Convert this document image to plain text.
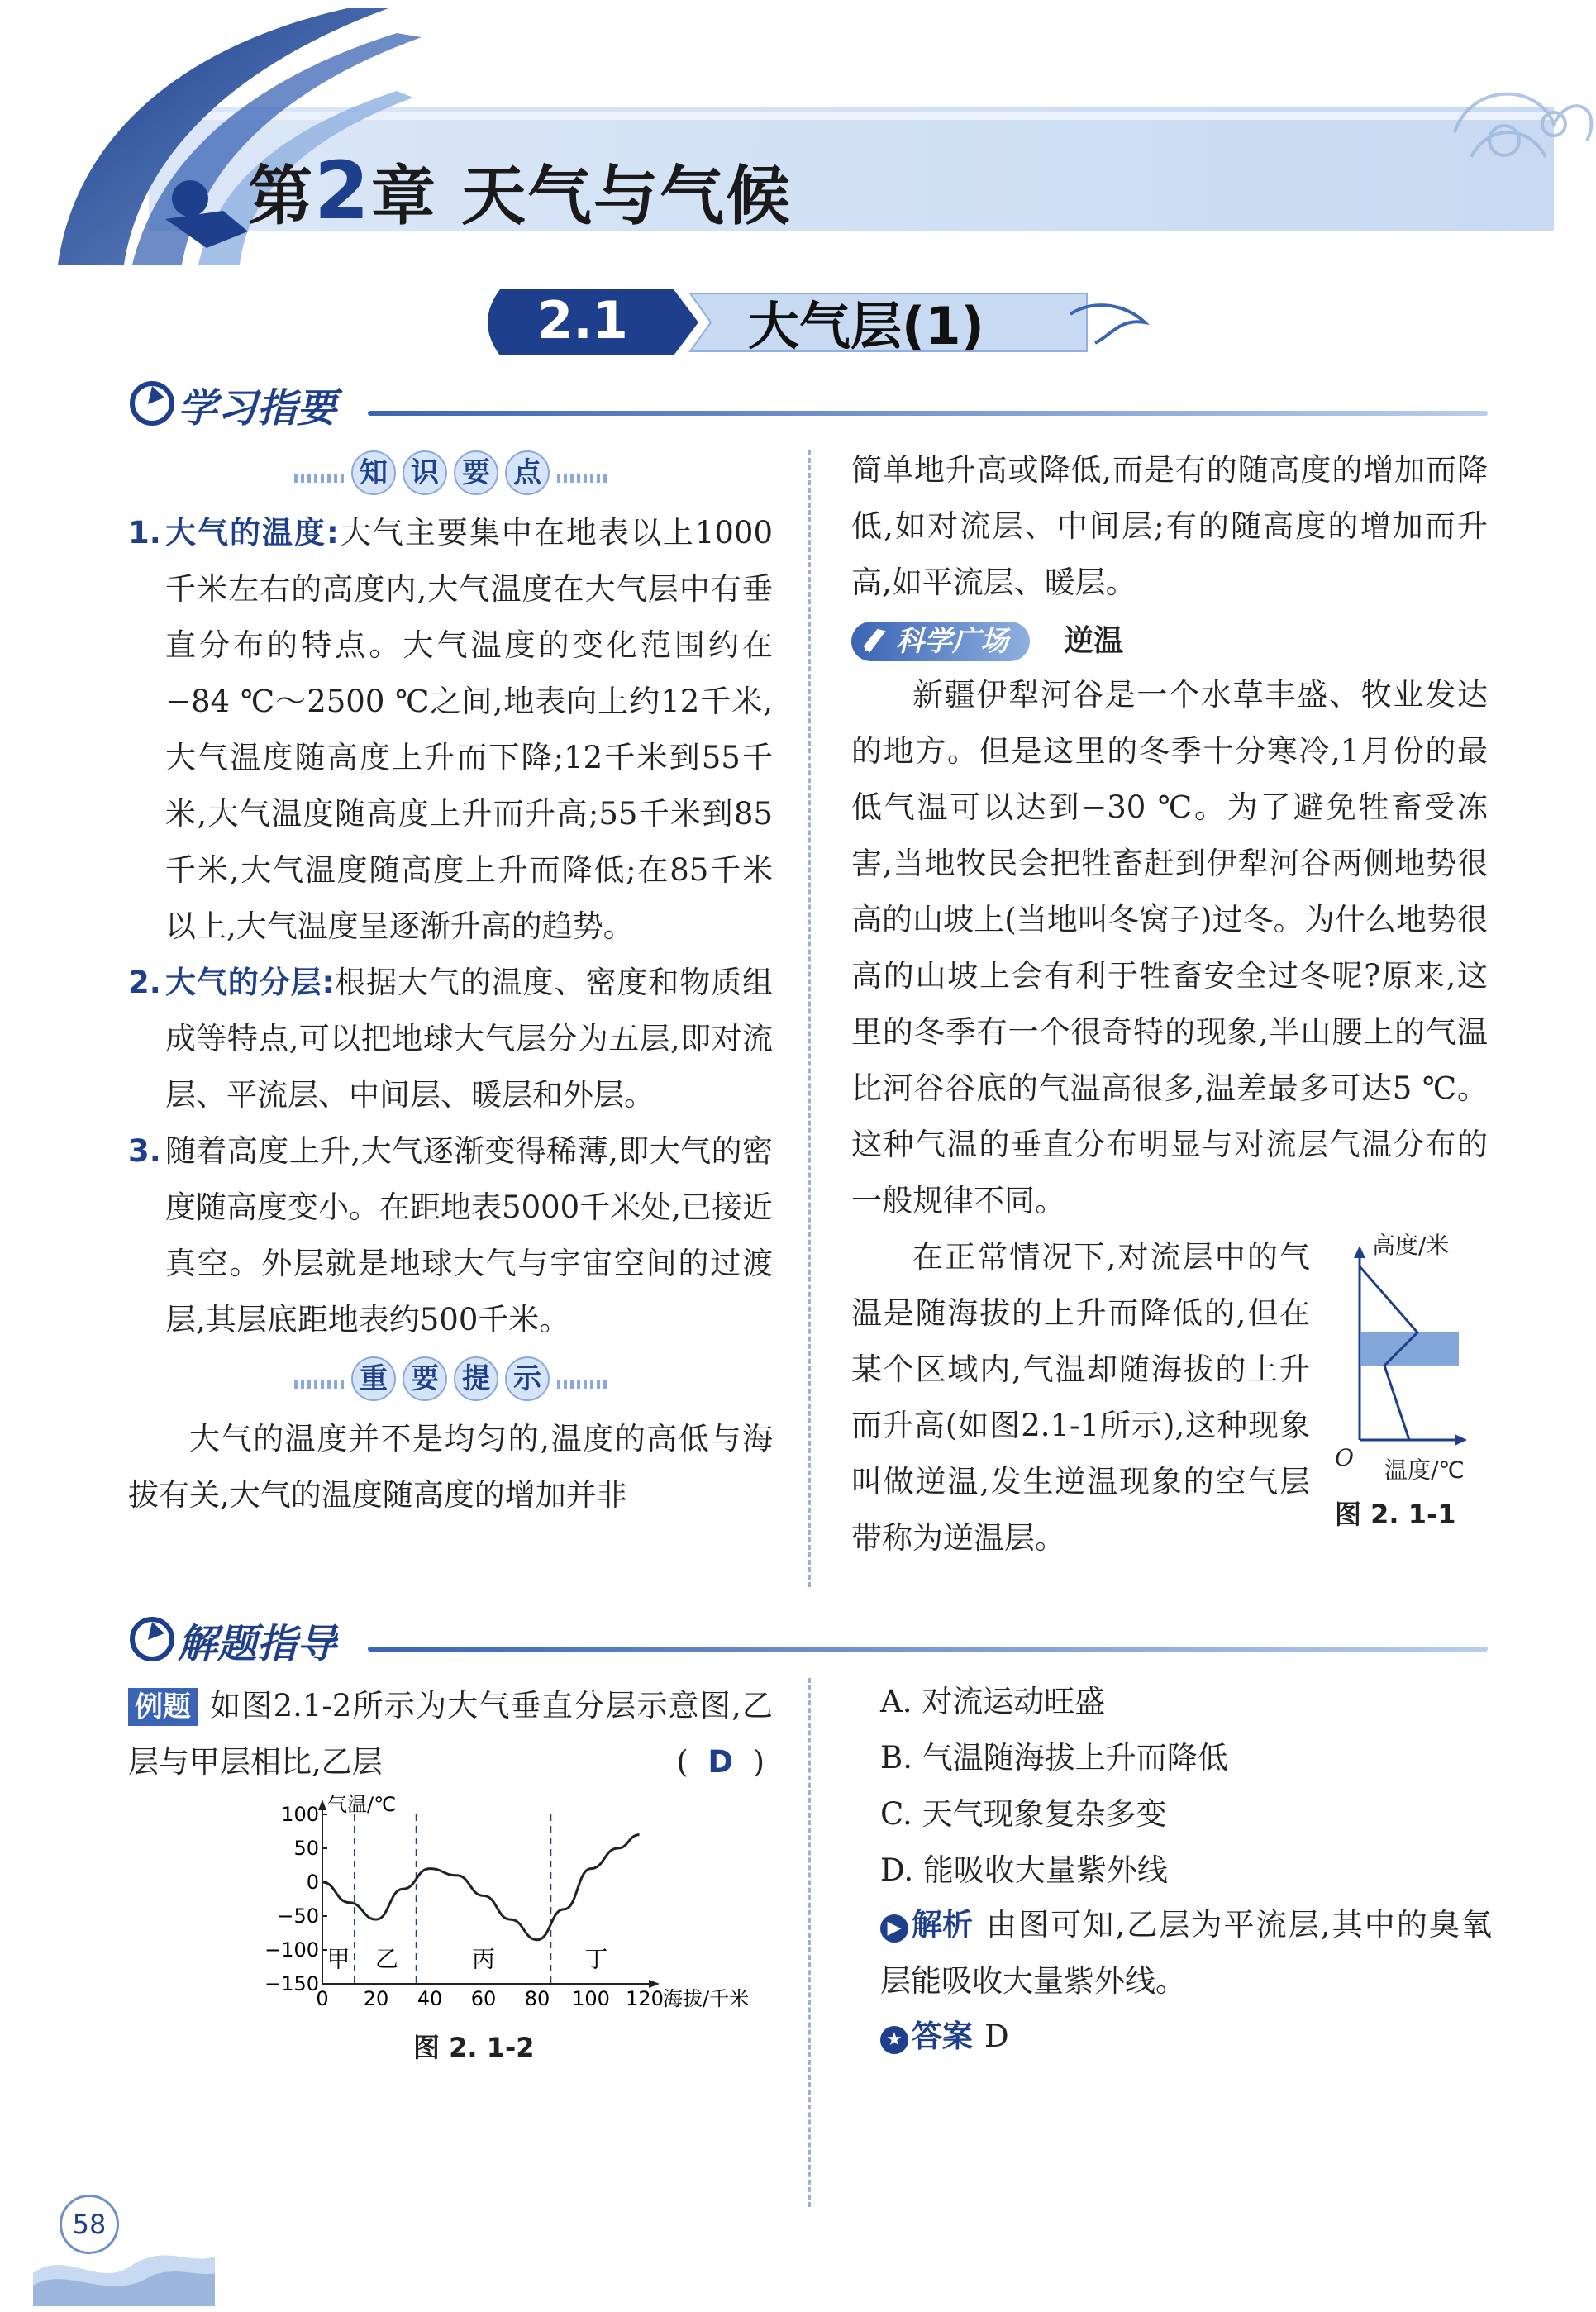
第2章 天气与气候
2.1	大气层(1)
学习指要
知 识 要 点
1. 大气的温度:大气主要集中在地表以上1000千米左右的高度内,大气温度在大气层中有垂直分布的特点。大气温度的变化范围约在−84 ℃～2500 ℃之间,地表向上约12千米,大气温度随高度上升而下降;12千米到55千米,大气温度随高度上升而升高;55千米到85千米,大气温度随高度上升而降低;在85千米以上,大气温度呈逐渐升高的趋势。
2. 大气的分层:根据大气的温度、密度和物质组成等特点,可以把地球大气层分为五层,即对流层、平流层、中间层、暖层和外层。
3. 随着高度上升,大气逐渐变得稀薄,即大气的密度随高度变小。在距地表5000千米处,已接近真空。外层就是地球大气与宇宙空间的过渡层,其层底距地表约500千米。
重 要 提 示
大气的温度并不是均匀的,温度的高低与海拔有关,大气的温度随高度的增加并非
简单地升高或降低,而是有的随高度的增加而降低,如对流层、中间层;有的随高度的增加而升高,如平流层、暖层。
科学广场 逆温
新疆伊犁河谷是一个水草丰盛、牧业发达的地方。但是这里的冬季十分寒冷,1月份的最低气温可以达到−30 ℃。为了避免牲畜受冻害,当地牧民会把牲畜赶到伊犁河谷两侧地势很高的山坡上(当地叫冬窝子)过冬。为什么地势很高的山坡上会有利于牲畜安全过冬呢?原来,这里的冬季有一个很奇特的现象,半山腰上的气温比河谷谷底的气温高很多,温差最多可达5 ℃。这种气温的垂直分布明显与对流层气温分布的一般规律不同。
在正常情况下,对流层中的气温是随海拔的上升而降低的,但在某个区域内,气温却随海拔的上升而升高(如图2.1-1所示),这种现象叫做逆温,发生逆温现象的空气层带称为逆温层。
高度/米
温度/℃
O
图 2. 1-1
解题指导
例题 如图2.1-2所示为大气垂直分层示意图,乙层与甲层相比,乙层	( D )
气温/℃
海拔/千米
100
50
0
−50
−100
−150
0 20 40 60 80 100 120
甲 乙	丙	丁
图 2. 1-2
A. 对流运动旺盛
B. 气温随海拔上升而降低
C. 天气现象复杂多变
D. 能吸收大量紫外线
▶ 解析 由图可知,乙层为平流层,其中的臭氧层能吸收大量紫外线。
★ 答案 D
58
